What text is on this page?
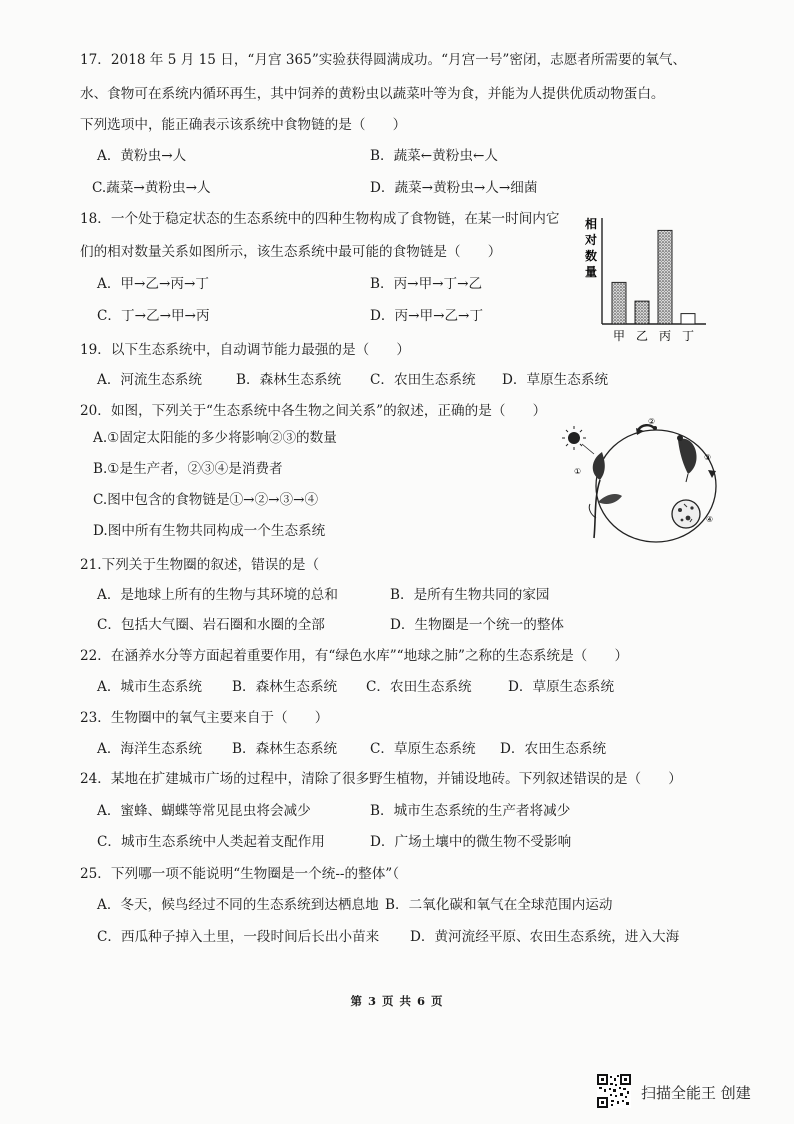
17．2018 年 5 月 15 日，“月宫 365”实验获得圆满成功。“月宫一号”密闭，志愿者所需要的氧气、
水、食物可在系统内循环再生，其中饲养的黄粉虫以蔬菜叶等为食，并能为人提供优质动物蛋白。
下列选项中，能正确表示该系统中食物链的是（　　）
A．黄粉虫→人	B．蔬菜←黄粉虫←人
C.蔬菜→黄粉虫→人	D．蔬菜→黄粉虫→人→细菌
18．一个处于稳定状态的生态系统中的四种生物构成了食物链，在某一时间内它
们的相对数量关系如图所示，该生态系统中最可能的食物链是（　　）
A．甲→乙→丙→丁	B．丙→甲→丁→乙
C．丁→乙→甲→丙	D．丙→甲→乙→丁
相
对
数
量
甲 乙 丙 丁
19．以下生态系统中，自动调节能力最强的是（　　）
A．河流生态系统	B．森林生态系统 C．农田生态系统 D．草原生态系统
20．如图，下列关于“生态系统中各生物之间关系”的叙述，正确的是（　　）
A.①固定太阳能的多少将影响②③的数量
B.①是生产者，②③④是消费者
C.图中包含的食物链是①→②→③→④
D.图中所有生物共同构成一个生态系统
①
②
③
④
21.下列关于生物圈的叙述，错误的是（
A．是地球上所有的生物与其环境的总和	B．是所有生物共同的家园
C．包括大气圈、岩石圈和水圈的全部	D．生物圈是一个统一的整体
22．在涵养水分等方面起着重要作用，有“绿色水库”“地球之肺”之称的生态系统是（　　）
A．城市生态系统 B．森林生态系统 C．农田生态系统	D．草原生态系统
23．生物圈中的氧气主要来自于（　　）
A．海洋生态系统 B．森林生态系统 C．草原生态系统 D．农田生态系统
24．某地在扩建城市广场的过程中，清除了很多野生植物，并铺设地砖。下列叙述错误的是（　　）
A．蜜蜂、蝴蝶等常见昆虫将会减少	B．城市生态系统的生产者将减少
C．城市生态系统中人类起着支配作用	D．广场土壤中的微生物不受影响
25．下列哪一项不能说明“生物圈是一个统--的整体”（
A．冬天，候鸟经过不同的生态系统到达栖息地 B．二氧化碳和氧气在全球范围内运动
C．西瓜种子掉入土里，一段时间后长出小苗来 D．黄河流经平原、农田生态系统，进入大海
第 3 页 共 6 页
扫描全能王 创建
